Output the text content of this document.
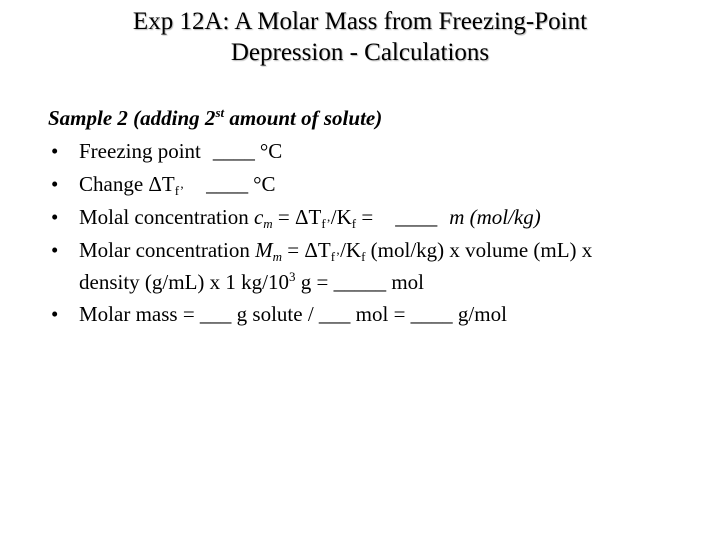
Exp 12A: A Molar Mass from Freezing-Point
Depression - Calculations
Sample 2 (adding 2st amount of solute)
• Freezing point ____ °C
• Change $\Delta T_{f’}$ ____ °C
• Molal concentration $c_m = \Delta T_{f’}/K_f$ = ____ m (mol/kg)
• Molar concentration $M_m = \Delta T_{f’}/K_f$ (mol/kg) x volume (mL) x
density (g/mL) x 1 $kg/10^3$ g = _____ mol
• Molar mass = ___ g solute / ___ mol = ____ g/mol
